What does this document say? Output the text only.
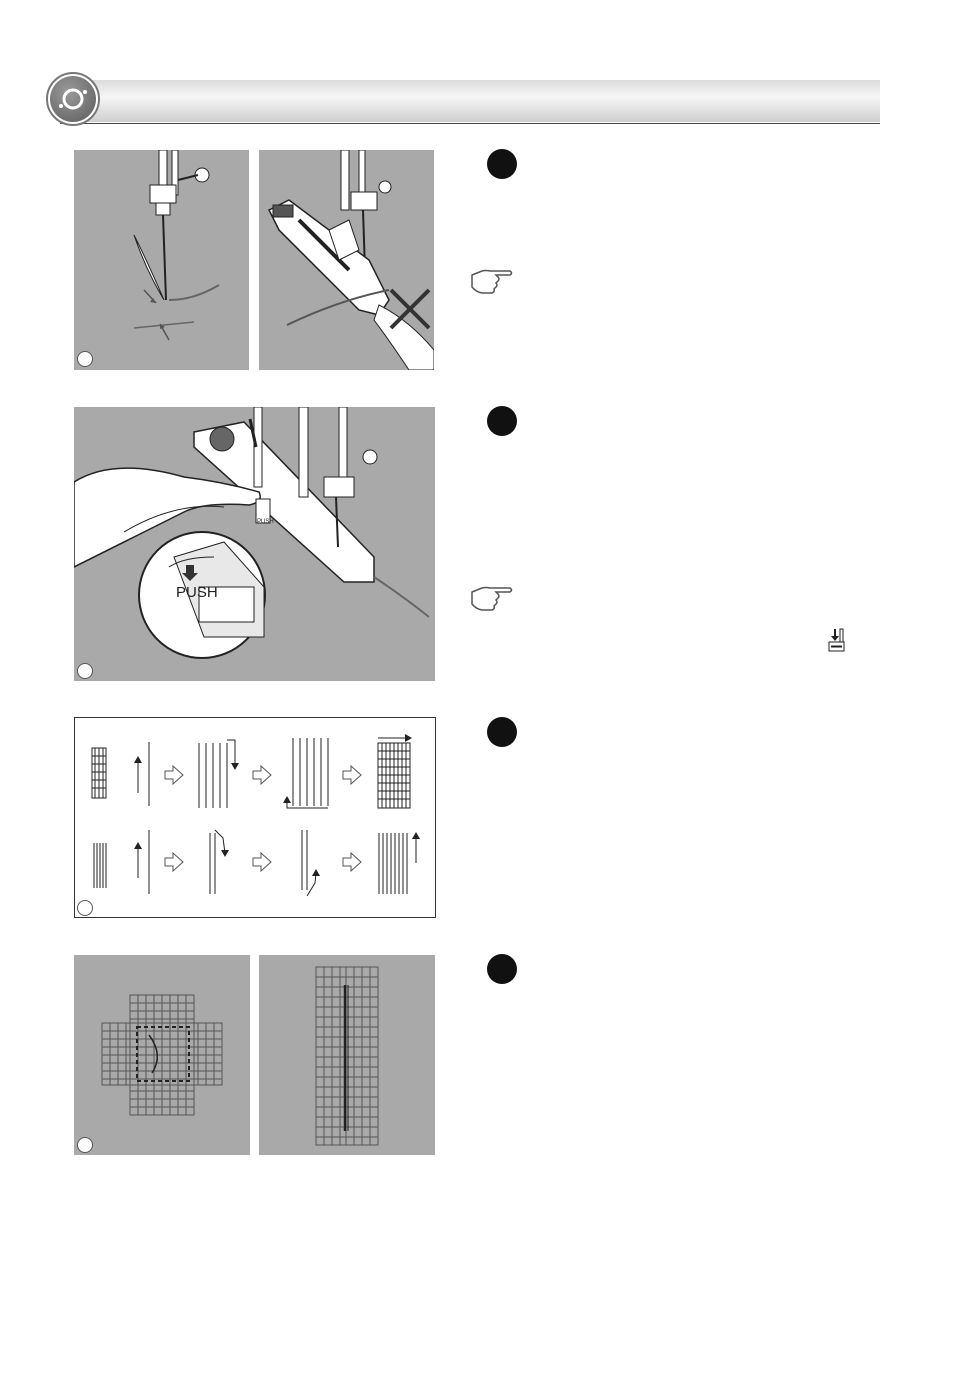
PUSH
PUSH
